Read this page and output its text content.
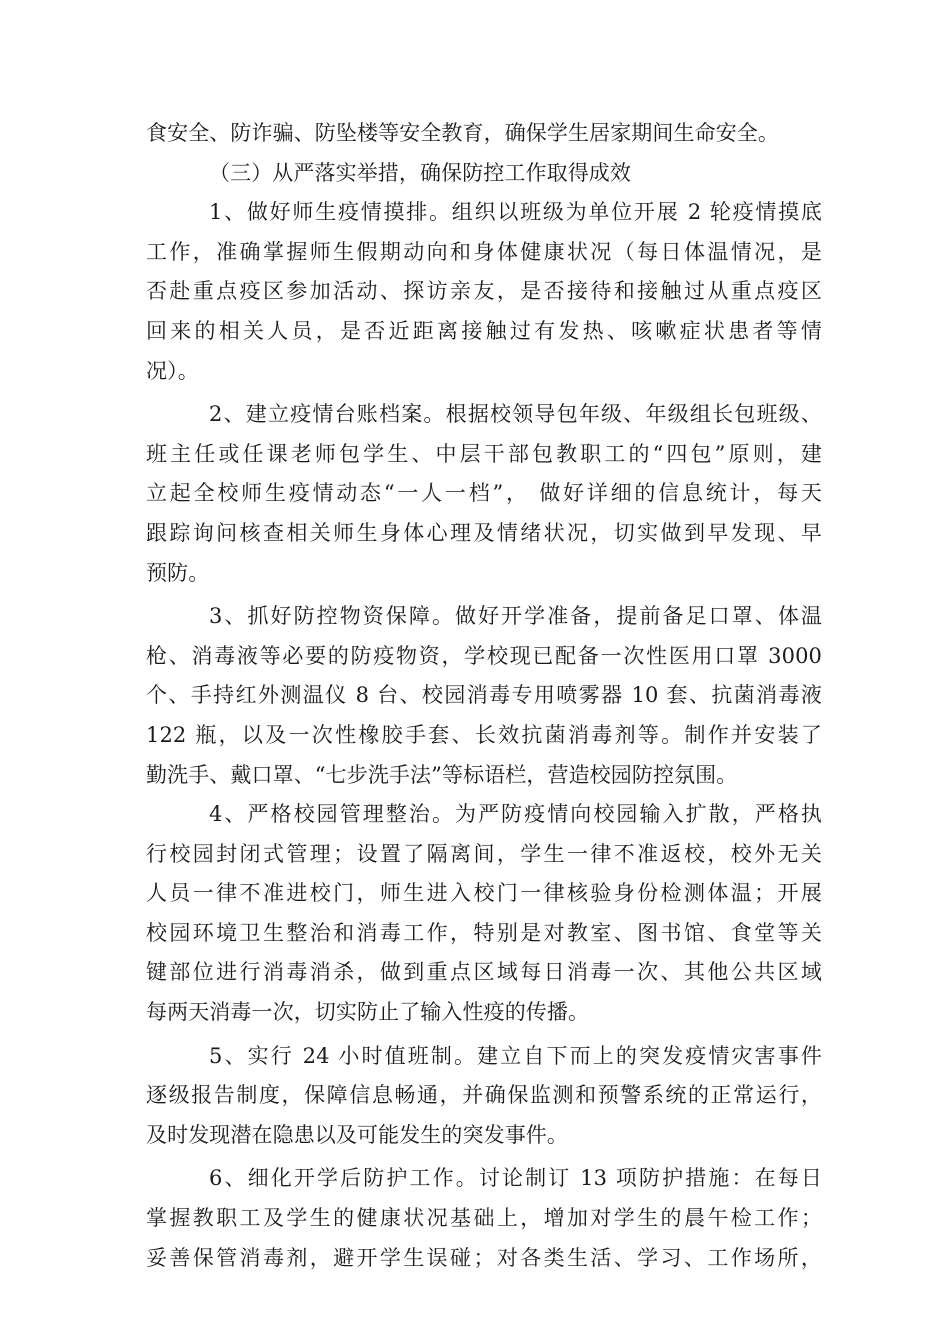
食安全、防诈骗、防坠楼等安全教育，确保学生居家期间生命安全。
（三）从严落实举措，确保防控工作取得成效
1、做好师生疫情摸排。组织以班级为单位开展 2 轮疫情摸底
工作，准确掌握师生假期动向和身体健康状况（每日体温情况，是
否赴重点疫区参加活动、探访亲友，是否接待和接触过从重点疫区
回来的相关人员，是否近距离接触过有发热、咳嗽症状患者等情
况）。
2、建立疫情台账档案。根据校领导包年级、年级组长包班级、
班主任或任课老师包学生、中层干部包教职工的“四包”原则，建
立起全校师生疫情动态“一人一档”， 做好详细的信息统计，每天
跟踪询问核查相关师生身体心理及情绪状况，切实做到早发现、早
预防。
3、抓好防控物资保障。做好开学准备，提前备足口罩、体温
枪、消毒液等必要的防疫物资，学校现已配备一次性医用口罩 3000
个、手持红外测温仪 8 台、校园消毒专用喷雾器 10 套、抗菌消毒液
122 瓶，以及一次性橡胶手套、长效抗菌消毒剂等。制作并安装了
勤洗手、戴口罩、“七步洗手法”等标语栏，营造校园防控氛围。
4、严格校园管理整治。为严防疫情向校园输入扩散，严格执
行校园封闭式管理；设置了隔离间，学生一律不准返校，校外无关
人员一律不准进校门，师生进入校门一律核验身份检测体温；开展
校园环境卫生整治和消毒工作，特别是对教室、图书馆、食堂等关
键部位进行消毒消杀，做到重点区域每日消毒一次、其他公共区域
每两天消毒一次，切实防止了输入性疫的传播。
5、实行 24 小时值班制。建立自下而上的突发疫情灾害事件
逐级报告制度，保障信息畅通，并确保监测和预警系统的正常运行，
及时发现潜在隐患以及可能发生的突发事件。
6、细化开学后防护工作。讨论制订 13 项防护措施：在每日
掌握教职工及学生的健康状况基础上，增加对学生的晨午检工作；
妥善保管消毒剂，避开学生误碰；对各类生活、学习、工作场所，
